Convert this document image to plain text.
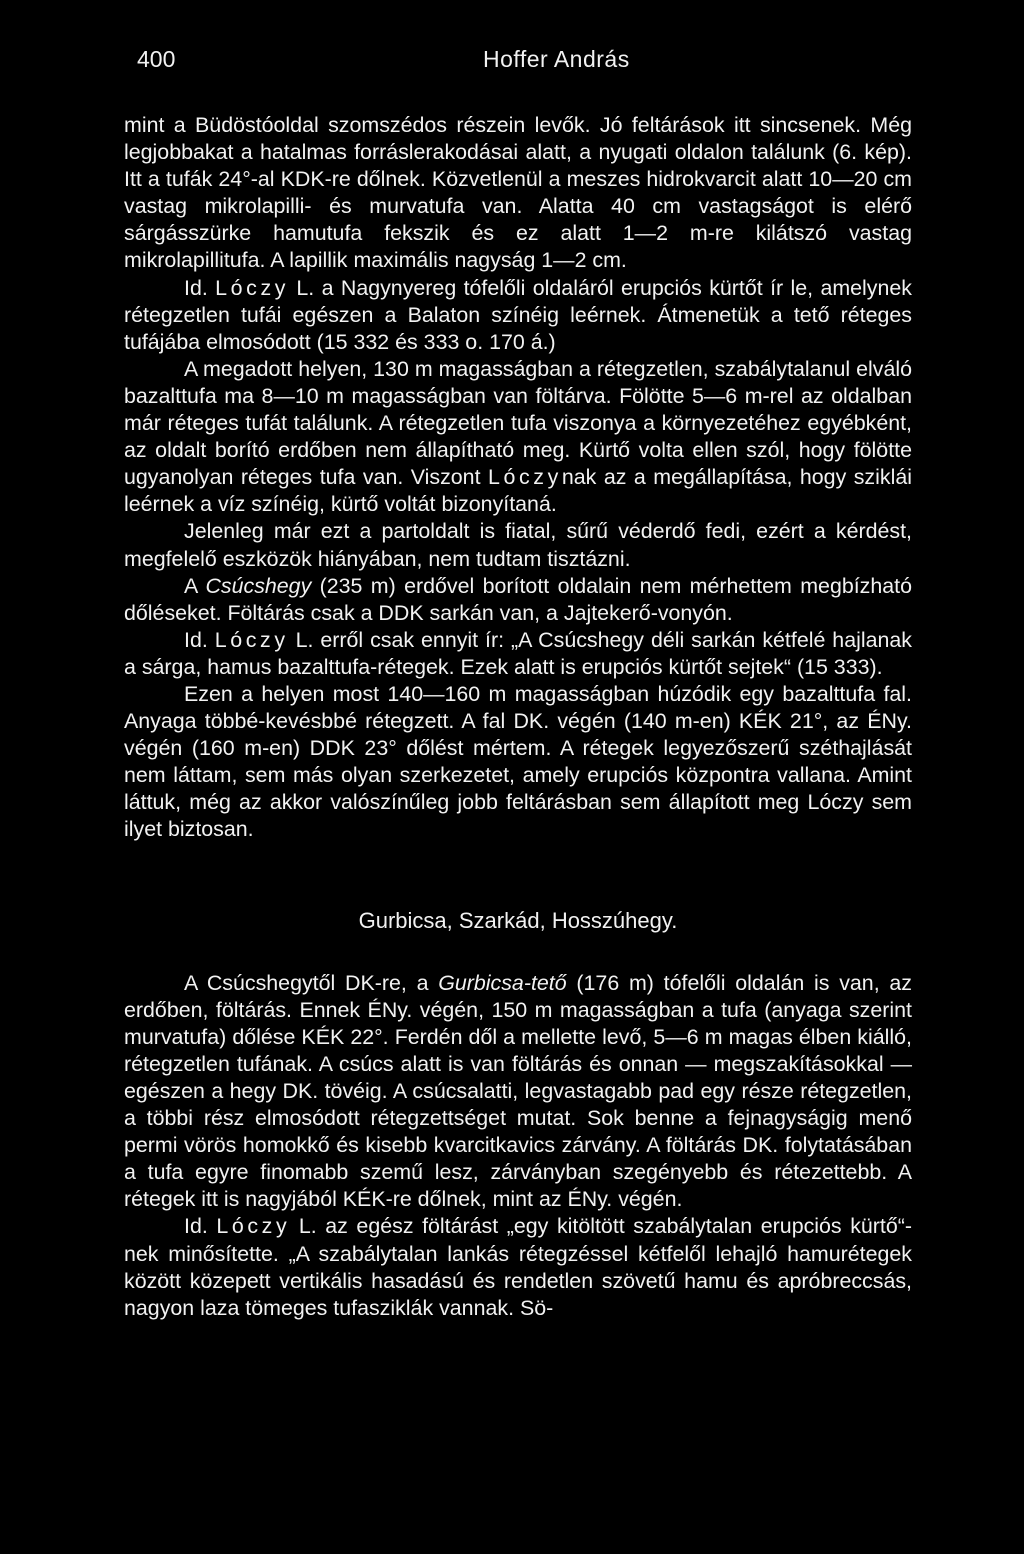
400	Hoffer András

mint a Büdöstóoldal szomszédos részein levők. Jó feltárások itt sincsenek. Még legjobbakat a hatalmas forráslerakodásai alatt, a nyugati oldalon találunk (6. kép). Itt a tufák 24°-al KDK-re dőlnek. Közvetlenül a meszes hidrokvarcit alatt 10—20 cm vastag mikrolapilli- és murvatufa van. Alatta 40 cm vastagságot is elérő sárgásszürke hamutufa fekszik és ez alatt 1—2 m-re kilátszó vastag mikrolapillitufa. A lapillik maximális nagyság 1—2 cm.

Id. Lóczy L. a Nagynyereg tófelőli oldaláról erupciós kürtőt ír le, amelynek rétegzetlen tufái egészen a Balaton színéig leérnek. Átmenetük a tető réteges tufájába elmosódott (15 332 és 333 o. 170 á.)

A megadott helyen, 130 m magasságban a rétegzetlen, szabálytalanul elváló bazalttufa ma 8—10 m magasságban van föltárva. Fölötte 5—6 m-rel az oldalban már réteges tufát találunk. A rétegzetlen tufa viszonya a környezetéhez egyébként, az oldalt borító erdőben nem állapítható meg. Kürtő volta ellen szól, hogy fölötte ugyanolyan réteges tufa van. Viszont Lóczynak az a megállapítása, hogy sziklái leérnek a víz színéig, kürtő voltát bizonyítaná.

Jelenleg már ezt a partoldalt is fiatal, sűrű véderdő fedi, ezért a kérdést, megfelelő eszközök hiányában, nem tudtam tisztázni.

A Csúcshegy (235 m) erdővel borított oldalain nem mérhettem megbízható dőléseket. Föltárás csak a DDK sarkán van, a Jajtekerő-vonyón.

Id. Lóczy L. erről csak ennyit ír: „A Csúcshegy déli sarkán kétfelé hajlanak a sárga, hamus bazalttufa-rétegek. Ezek alatt is erupciós kürtőt sejtek“ (15 333).

Ezen a helyen most 140—160 m magasságban húzódik egy bazalttufa fal. Anyaga többé-kevésbbé rétegzett. A fal DK. végén (140 m-en) KÉK 21°, az ÉNy. végén (160 m-en) DDK 23° dőlést mértem. A rétegek legyezőszerű széthajlását nem láttam, sem más olyan szerkezetet, amely erupciós központra vallana. Amint láttuk, még az akkor valószínűleg jobb feltárásban sem állapított meg Lóczy sem ilyet biztosan.

Gurbicsa, Szarkád, Hosszúhegy.

A Csúcshegytől DK-re, a Gurbicsa-tető (176 m) tófelőli oldalán is van, az erdőben, föltárás. Ennek ÉNy. végén, 150 m magasságban a tufa (anyaga szerint murvatufa) dőlése KÉK 22°. Ferdén dől a mellette levő, 5—6 m magas élben kiálló, rétegzetlen tufának. A csúcs alatt is van föltárás és onnan — megszakításokkal — egészen a hegy DK. tövéig. A csúcsalatti, legvastagabb pad egy része rétegzetlen, a többi rész elmosódott rétegzettséget mutat. Sok benne a fejnagyságig menő permi vörös homokkő és kisebb kvarcitkavics zárvány. A föltárás DK. folytatásában a tufa egyre finomabb szemű lesz, zárványban szegényebb és rétezettebb. A rétegek itt is nagyjából KÉK-re dőlnek, mint az ÉNy. végén.

Id. Lóczy L. az egész föltárást „egy kitöltött szabálytalan erupciós kürtő“-nek minősítette. „A szabálytalan lankás rétegzéssel kétfelől lehajló hamurétegek között közepett vertikális hasadású és rendetlen szövetű hamu és apróbreccsás, nagyon laza tömeges tufasziklák vannak. Sö-
